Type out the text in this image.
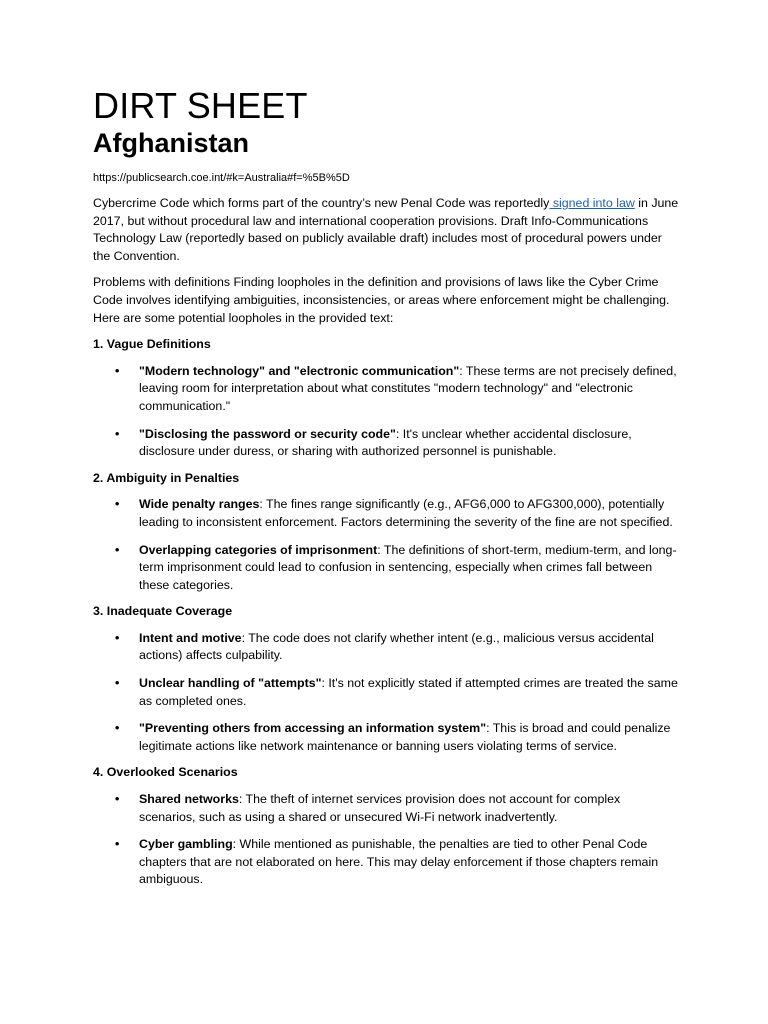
DIRT SHEET
Afghanistan
https://publicsearch.coe.int/#k=Australia#f=%5B%5D

Cybercrime Code which forms part of the country’s new Penal Code was reportedly signed into law in June 2017, but without procedural law and international cooperation provisions. Draft Info-Communications Technology Law (reportedly based on publicly available draft) includes most of procedural powers under the Convention.

Problems with definitions Finding loopholes in the definition and provisions of laws like the Cyber Crime Code involves identifying ambiguities, inconsistencies, or areas where enforcement might be challenging. Here are some potential loopholes in the provided text:

1. Vague Definitions
• "Modern technology" and "electronic communication": These terms are not precisely defined, leaving room for interpretation about what constitutes "modern technology" and "electronic communication."
• "Disclosing the password or security code": It's unclear whether accidental disclosure, disclosure under duress, or sharing with authorized personnel is punishable.
2. Ambiguity in Penalties
• Wide penalty ranges: The fines range significantly (e.g., AFG6,000 to AFG300,000), potentially leading to inconsistent enforcement. Factors determining the severity of the fine are not specified.
• Overlapping categories of imprisonment: The definitions of short-term, medium-term, and long-term imprisonment could lead to confusion in sentencing, especially when crimes fall between these categories.
3. Inadequate Coverage
• Intent and motive: The code does not clarify whether intent (e.g., malicious versus accidental actions) affects culpability.
• Unclear handling of "attempts": It's not explicitly stated if attempted crimes are treated the same as completed ones.
• "Preventing others from accessing an information system": This is broad and could penalize legitimate actions like network maintenance or banning users violating terms of service.
4. Overlooked Scenarios
• Shared networks: The theft of internet services provision does not account for complex scenarios, such as using a shared or unsecured Wi-Fi network inadvertently.
• Cyber gambling: While mentioned as punishable, the penalties are tied to other Penal Code chapters that are not elaborated on here. This may delay enforcement if those chapters remain ambiguous.
